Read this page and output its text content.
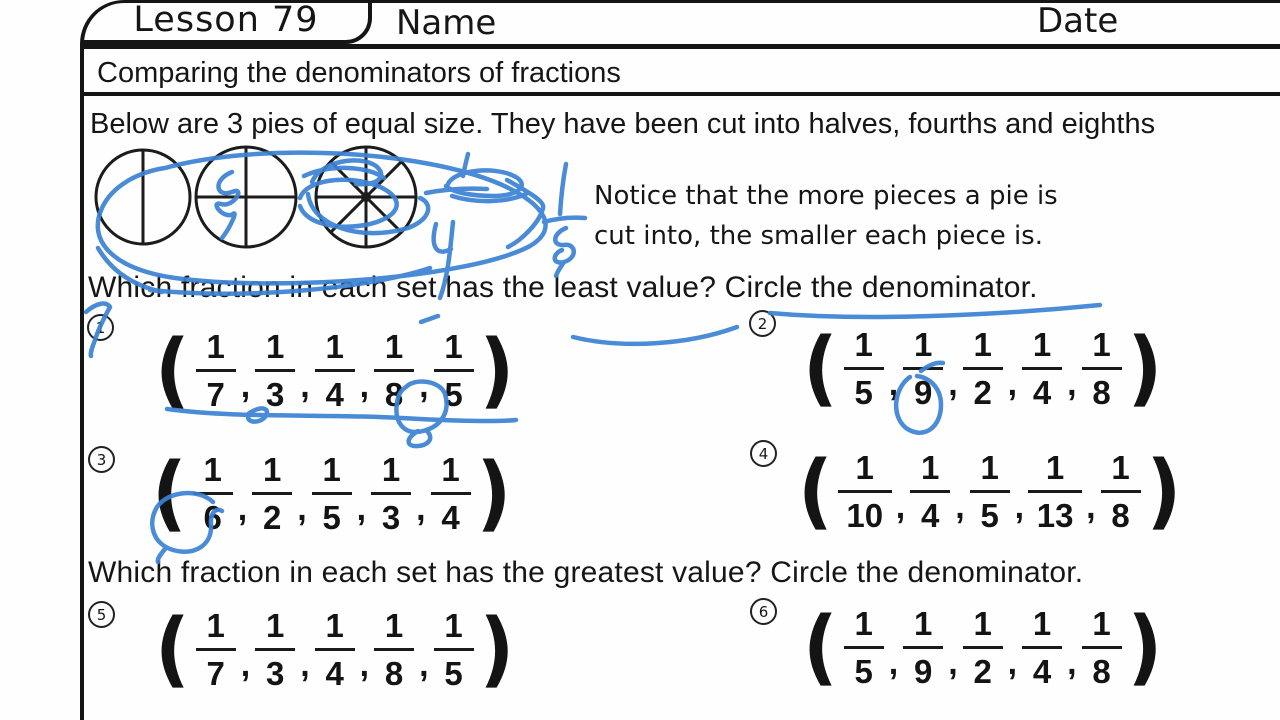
Lesson 79 Name	Date
Comparing the denominators of fractions
Below are 3 pies of equal size. They have been cut into halves, fourths and eighths
Notice that the more pieces a pie is
cut into, the smaller each piece is.
Which fraction in each set has the least value? Circle the denominator.
Which fraction in each set has the greatest value? Circle the denominator.
1 ( $\frac{1}{7}$ , $\frac{1}{3}$ , $\frac{1}{4}$ , $\frac{1}{8}$ , $\frac{1}{5}$ )	2 ( $\frac{1}{5}$ , $\frac{1}{9}$ , $\frac{1}{2}$ , $\frac{1}{4}$ , $\frac{1}{8}$ )
3 ( $\frac{1}{6}$ , $\frac{1}{2}$ , $\frac{1}{5}$ , $\frac{1}{3}$ , $\frac{1}{4}$ )	4 ( $\frac{1}{10}$ , $\frac{1}{4}$ , $\frac{1}{5}$ , $\frac{1}{13}$ , $\frac{1}{8}$ )
5 ( $\frac{1}{7}$ , $\frac{1}{3}$ , $\frac{1}{4}$ , $\frac{1}{8}$ , $\frac{1}{5}$ )	6 ( $\frac{1}{5}$ , $\frac{1}{9}$ , $\frac{1}{2}$ , $\frac{1}{4}$ , $\frac{1}{8}$ )
